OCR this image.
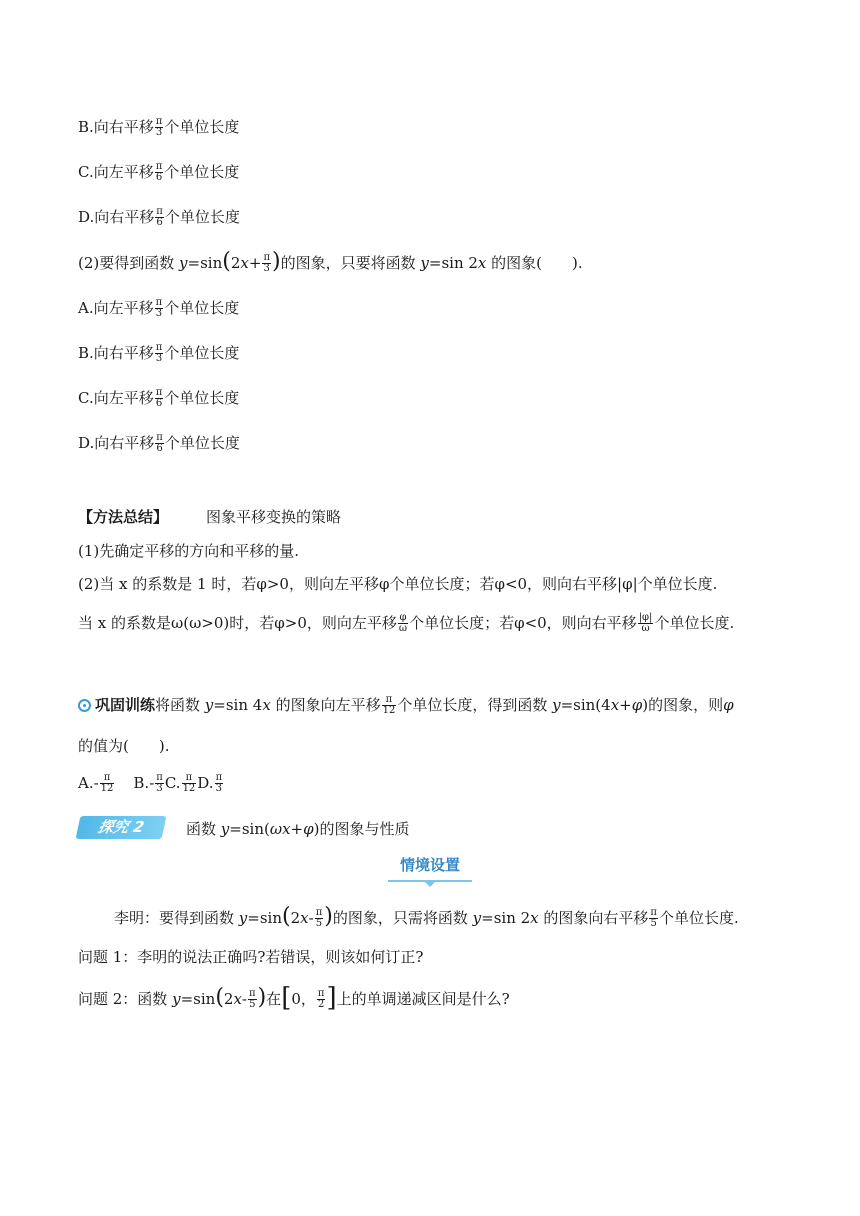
B.向右平移 $\frac{\pi}{3}$ 个单位长度
C.向左平移 $\frac{\pi}{6}$ 个单位长度
D.向右平移 $\frac{\pi}{6}$ 个单位长度
(2)要得到函数 $y=\sin(2x+ \frac{\pi}{3}$ )的图象，只要将函数 y=sin 2x 的图象(　　).
A.向左平移 $\frac{\pi}{3}$ 个单位长度
B.向右平移 $\frac{\pi}{3}$ 个单位长度
C.向左平移 $\frac{\pi}{6}$ 个单位长度
D.向右平移 $\frac{\pi}{6}$ 个单位长度
【方法总结】	图象平移变换的策略
(1)先确定平移的方向和平移的量.
(2)当 x 的系数是 1 时，若φ>0，则向左平移φ个单位长度；若φ<0，则向右平移|φ|个单位长度.
当 x 的系数是ω(ω>0)时，若φ>0，则向左平移 $\frac{\varphi}{\omega}$ 个单位长度；若φ<0，则向右平移 $\frac{|\varphi|}{\omega}$ 个单位长度.
巩固训练将函数 y=sin 4x 的图象向左平移 $\frac{\pi}{12}$ 个单位长度，得到函数 y=sin(4x+φ)的图象，则φ
的值为(　　).
$A.- \frac{\pi}{12} B.- \frac{\pi}{3} C$. $\frac{\pi}{12} D$. $\frac{\pi}{3}$
探究 2	函数 y=sin(ωx+φ)的图象与性质
情境设置
李明：要得到函数 $y=\sin(2x- \frac{\pi}{5}$ )的图象，只需将函数 y=sin 2x 的图象向右平移 $\frac{\pi}{5}$ 个单位长度.
问题 1：李明的说法正确吗?若错误，则该如何订正?
问题 2：函数 $y=\sin(2x- \frac{\pi}{5}$ )在[0， $\frac{\pi}{2}$ ]上的单调递减区间是什么?
